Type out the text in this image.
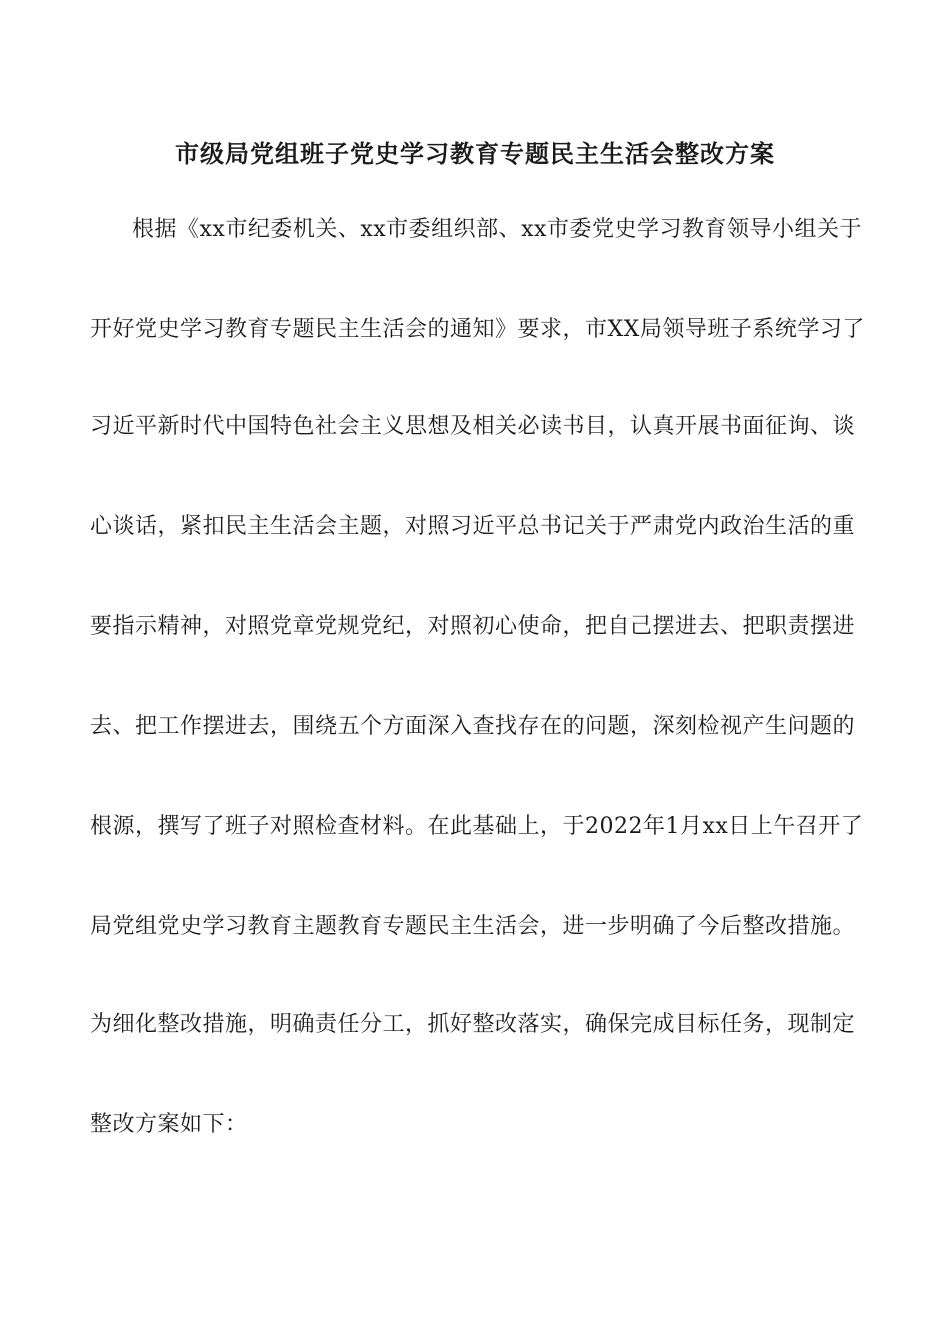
市级局党组班子党史学习教育专题民主生活会整改方案
根据《xx市纪委机关、xx市委组织部、xx市委党史学习教育领导小组关于
开好党史学习教育专题民主生活会的通知》要求，市XX局领导班子系统学习了
习近平新时代中国特色社会主义思想及相关必读书目，认真开展书面征询、谈
心谈话，紧扣民主生活会主题，对照习近平总书记关于严肃党内政治生活的重
要指示精神，对照党章党规党纪，对照初心使命，把自己摆进去、把职责摆进
去、把工作摆进去，围绕五个方面深入查找存在的问题，深刻检视产生问题的
根源，撰写了班子对照检查材料。在此基础上，于2022年1月xx日上午召开了
局党组党史学习教育主题教育专题民主生活会，进一步明确了今后整改措施。
为细化整改措施，明确责任分工，抓好整改落实，确保完成目标任务，现制定
整改方案如下：
